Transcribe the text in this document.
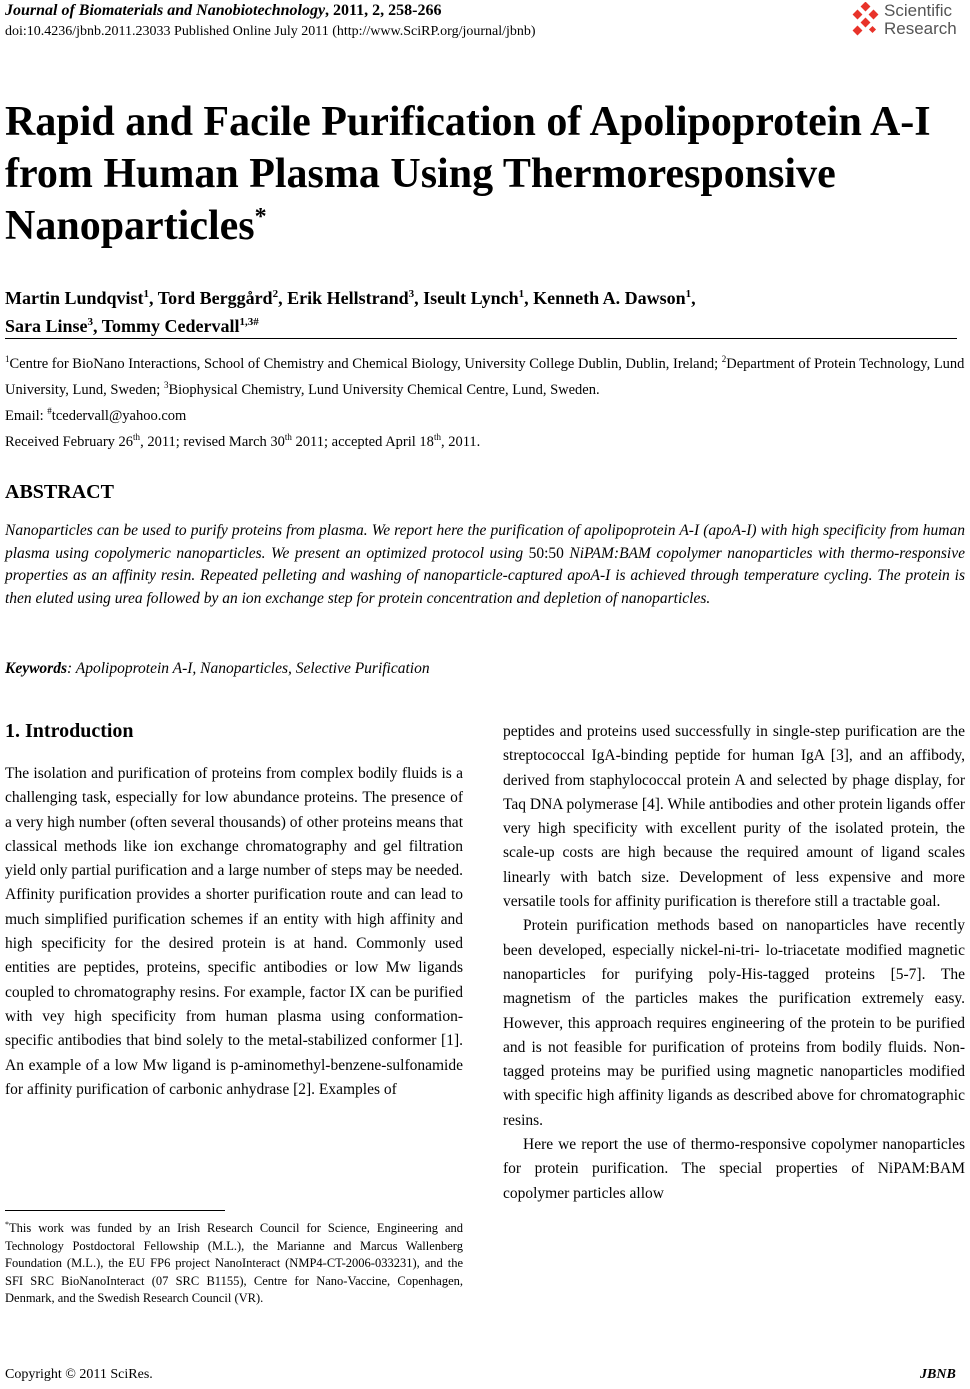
Journal of Biomaterials and Nanobiotechnology, 2011, 2, 258-266
doi:10.4236/jbnb.2011.23033 Published Online July 2011 (http://www.SciRP.org/journal/jbnb)
Scientific
Research
Rapid and Facile Purification of Apolipoprotein A-I from Human Plasma Using Thermoresponsive Nanoparticles*
Martin Lundqvist$^1$, Tord Berggård$^2$, Erik Hellstrand$^3$, Iseult Lynch$^1$, Kenneth A. Dawson$^1$,
Sara Linse$^3$, Tommy Cedervall$^{1,3\#}$
$^1$Centre for BioNano Interactions, School of Chemistry and Chemical Biology, University College Dublin, Dublin, Ireland; $^2$Department of Protein Technology, Lund University, Lund, Sweden; $^3$Biophysical Chemistry, Lund University Chemical Centre, Lund, Sweden.
Email: #tcedervall@yahoo.com
Received February 26th, 2011; revised March 30th 2011; accepted April 18th, 2011.
ABSTRACT
Nanoparticles can be used to purify proteins from plasma. We report here the purification of apolipoprotein A-I (apoA-I) with high specificity from human plasma using copolymeric nanoparticles. We present an optimized protocol using 50:50 NiPAM:BAM copolymer nanoparticles with thermo-responsive properties as an affinity resin. Repeated pelleting and washing of nanoparticle-captured apoA-I is achieved through temperature cycling. The protein is then eluted using urea followed by an ion exchange step for protein concentration and depletion of nanoparticles.
Keywords: Apolipoprotein A-I, Nanoparticles, Selective Purification
1. Introduction

The isolation and purification of proteins from complex bodily fluids is a challenging task, especially for low abundance proteins. The presence of a very high number (often several thousands) of other proteins means that classical methods like ion exchange chromatography and gel filtration yield only partial purification and a large number of steps may be needed. Affinity purification provides a shorter purification route and can lead to much simplified purification schemes if an entity with high affinity and high specificity for the desired protein is at hand. Commonly used entities are peptides, proteins, specific antibodies or low Mw ligands coupled to chromatography resins. For example, factor IX can be purified with vey high specificity from human plasma using conformation-specific antibodies that bind solely to the metal-stabilized conformer [1]. An example of a low Mw ligand is p-aminomethyl-benzene-sulfonamide for affinity purification of carbonic anhydrase [2]. Examples of

peptides and proteins used successfully in single-step purification are the streptococcal IgA-binding peptide for human IgA [3], and an affibody, derived from staphylococcal protein A and selected by phage display, for Taq DNA polymerase [4]. While antibodies and other protein ligands offer very high specificity with excellent purity of the isolated protein, the scale-up costs are high because the required amount of ligand scales linearly with batch size. Development of less expensive and more versatile tools for affinity purification is therefore still a tractable goal.

Protein purification methods based on nanoparticles have recently been developed, especially nickel-ni-tri- lo-triacetate modified magnetic nanoparticles for purifying poly-His-tagged proteins [5-7]. The magnetism of the particles makes the purification extremely easy. However, this approach requires engineering of the protein to be purified and is not feasible for purification of proteins from bodily fluids. Non-tagged proteins may be purified using magnetic nanoparticles modified with specific high affinity ligands as described above for chromatographic resins.

Here we report the use of thermo-responsive copolymer nanoparticles for protein purification. The special properties of NiPAM:BAM copolymer particles allow

*This work was funded by an Irish Research Council for Science, Engineering and Technology Postdoctoral Fellowship (M.L.), the Marianne and Marcus Wallenberg Foundation (M.L.), the EU FP6 project NanoInteract (NMP4-CT-2006-033231), and the SFI SRC BioNanoInteract (07 SRC B1155), Centre for Nano-Vaccine, Copenhagen, Denmark, and the Swedish Research Council (VR).
Copyright © 2011 SciRes.	JBNB
